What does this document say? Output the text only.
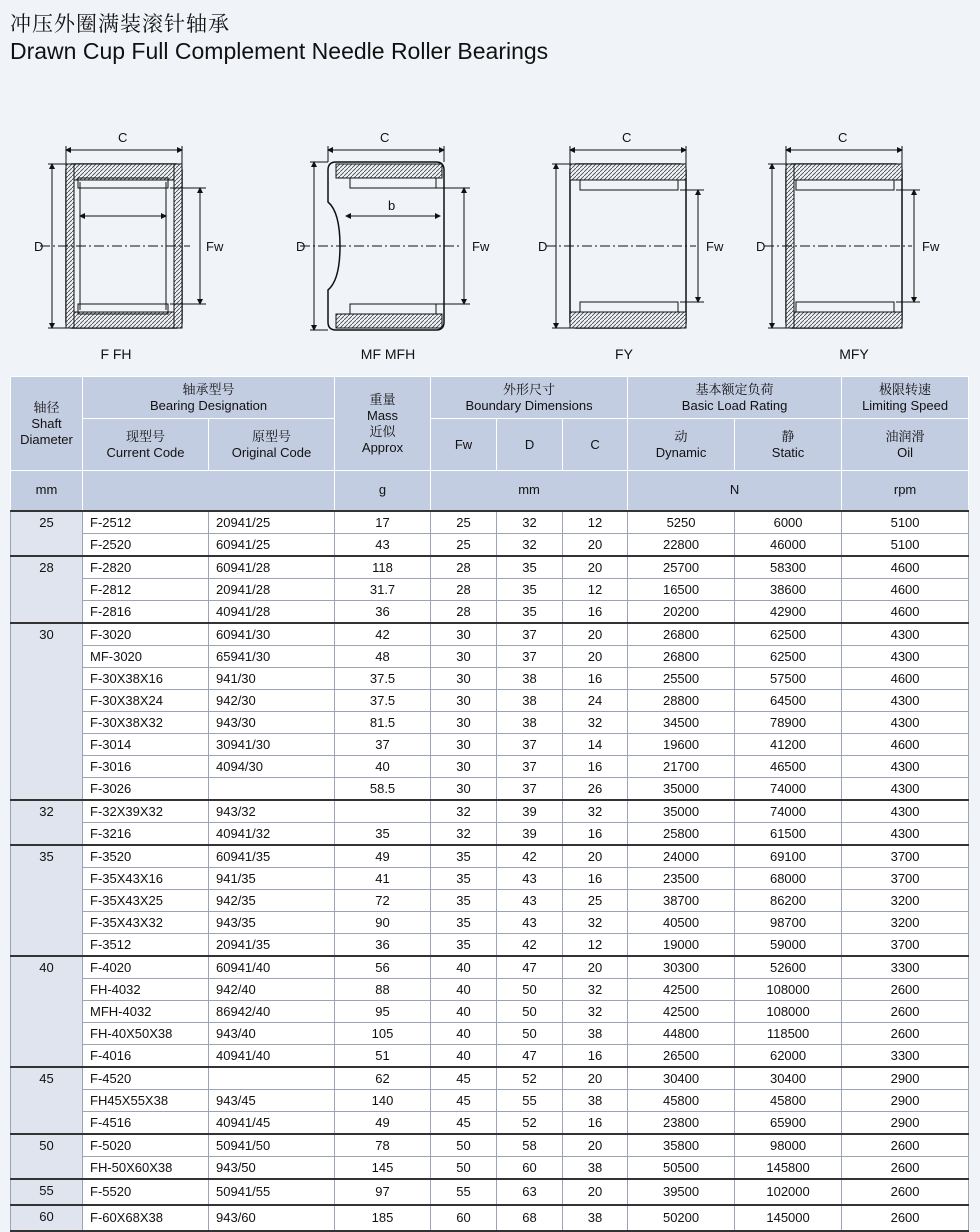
冲压外圈满装滚针轴承
Drawn Cup Full Complement Needle Roller Bearings
C
D	Fw
C
b
D	Fw
C
D	Fw
C
D	Fw
F FH	MF MFH	FY	MFY
轴径
Shaft
Diameter	轴承型号
Bearing Designation		重量
Mass
近似
Approx	外形尺寸
Boundary Dimensions			基本额定负荷
Basic Load Rating		极限转速
Limiting Speed
	现型号
Current Code	原型号
Original Code		Fw	D	C	动
Dynamic	静
Static	油润滑
Oil
mm			g	mm			N		rpm
25	F-2512	20941/25	17	25	32	12	5250	6000	5100
	F-2520	60941/25	43	25	32	20	22800	46000	5100
28	F-2820	60941/28	118	28	35	20	25700	58300	4600
	F-2812	20941/28	31.7	28	35	12	16500	38600	4600
	F-2816	40941/28	36	28	35	16	20200	42900	4600
30	F-3020	60941/30	42	30	37	20	26800	62500	4300
	MF-3020	65941/30	48	30	37	20	26800	62500	4300
	F-30X38X16	941/30	37.5	30	38	16	25500	57500	4600
	F-30X38X24	942/30	37.5	30	38	24	28800	64500	4300
	F-30X38X32	943/30	81.5	30	38	32	34500	78900	4300
	F-3014	30941/30	37	30	37	14	19600	41200	4600
	F-3016	4094/30	40	30	37	16	21700	46500	4300
	F-3026		58.5	30	37	26	35000	74000	4300
32	F-32X39X32	943/32		32	39	32	35000	74000	4300
	F-3216	40941/32	35	32	39	16	25800	61500	4300
35	F-3520	60941/35	49	35	42	20	24000	69100	3700
	F-35X43X16	941/35	41	35	43	16	23500	68000	3700
	F-35X43X25	942/35	72	35	43	25	38700	86200	3200
	F-35X43X32	943/35	90	35	43	32	40500	98700	3200
	F-3512	20941/35	36	35	42	12	19000	59000	3700
40	F-4020	60941/40	56	40	47	20	30300	52600	3300
	FH-4032	942/40	88	40	50	32	42500	108000	2600
	MFH-4032	86942/40	95	40	50	32	42500	108000	2600
	FH-40X50X38	943/40	105	40	50	38	44800	118500	2600
	F-4016	40941/40	51	40	47	16	26500	62000	3300
45	F-4520		62	45	52	20	30400	30400	2900
	FH45X55X38	943/45	140	45	55	38	45800	45800	2900
	F-4516	40941/45	49	45	52	16	23800	65900	2900
50	F-5020	50941/50	78	50	58	20	35800	98000	2600
	FH-50X60X38	943/50	145	50	60	38	50500	145800	2600
55	F-5520	50941/55	97	55	63	20	39500	102000	2600
60	F-60X68X38	943/60	185	60	68	38	50200	145000	2600
